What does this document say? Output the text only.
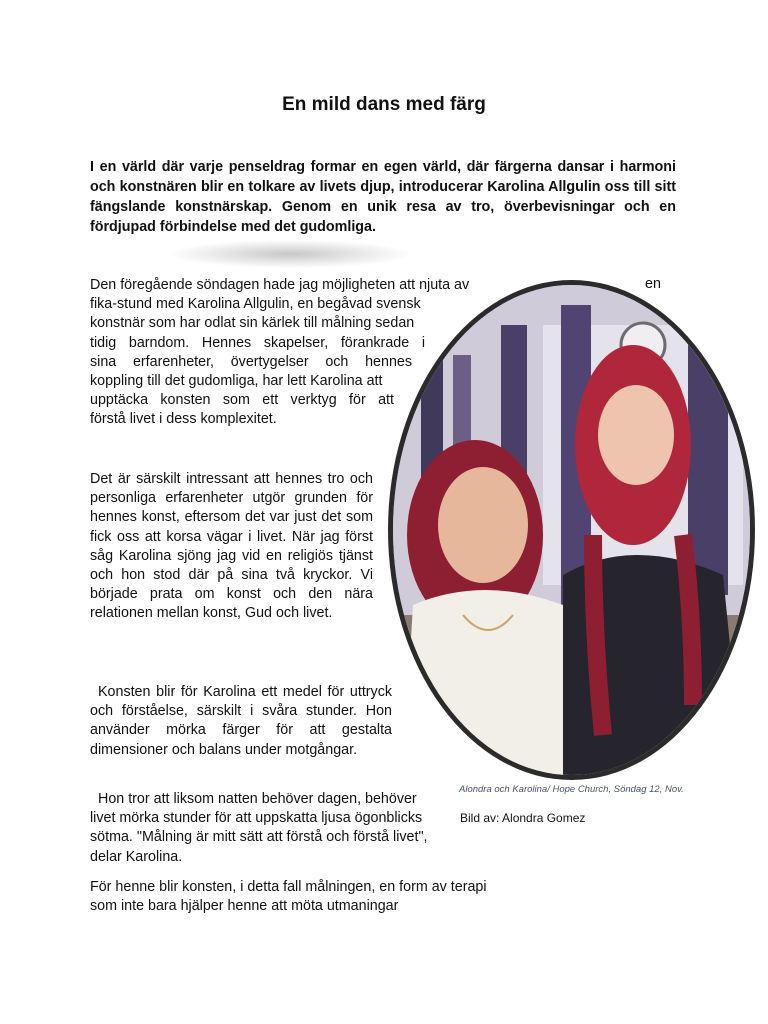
En mild dans med färg

I en värld där varje penseldrag formar en egen värld, där färgerna dansar i harmoni och konstnären blir en tolkare av livets djup, introducerar Karolina Allgulin oss till sitt fängslande konstnärskap. Genom en unik resa av tro, överbevisningar och en fördjupad förbindelse med det gudomliga.

Den föregående söndagen hade jag möjligheten att njuta av
fika-stund med Karolina Allgulin, en begåvad svensk
konstnär som har odlat sin kärlek till målning sedan
tidig barndom. Hennes skapelser, förankrade i
sina erfarenheter, övertygelser och hennes
koppling till det gudomliga, har lett Karolina att
upptäcka konsten som ett verktyg för att
förstå livet i dess komplexitet.

en

Det är särskilt intressant att hennes tro och personliga erfarenheter utgör grunden för hennes konst, eftersom det var just det som fick oss att korsa vägar i livet. När jag först såg Karolina sjöng jag vid en religiös tjänst och hon stod där på sina två kryckor. Vi började prata om konst och den nära relationen mellan konst, Gud och livet.

Konsten blir för Karolina ett medel för uttryck och förståelse, särskilt i svåra stunder. Hon använder mörka färger för att gestalta dimensioner och balans under motgångar.

Hon tror att liksom natten behöver dagen, behöver livet mörka stunder för att uppskatta ljusa ögonblicks sötma. "Målning är mitt sätt att förstå och förstå livet", delar Karolina.

För henne blir konsten, i detta fall målningen, en form av terapi som inte bara hjälper henne att möta utmaningar

Alondra och Karolina/ Hope Church, Söndag 12, Nov.
Bild av: Alondra Gomez
